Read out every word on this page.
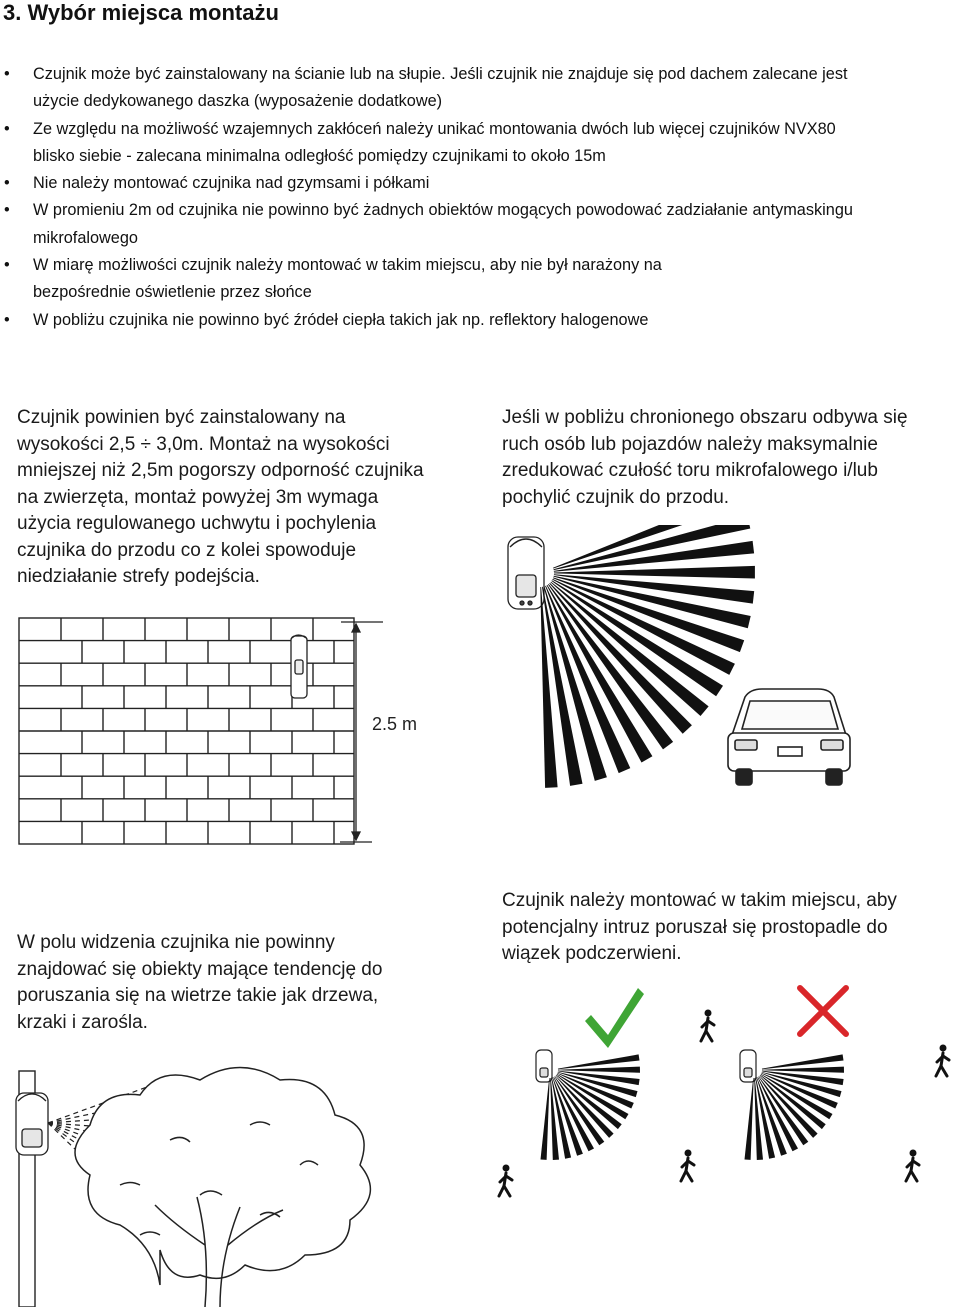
3. Wybór miejsca montażu
• Czujnik może być zainstalowany na ścianie lub na słupie. Jeśli czujnik nie znajduje się pod dachem zalecane jest
użycie dedykowanego daszka (wyposażenie dodatkowe)
• Ze względu na możliwość wzajemnych zakłóceń należy unikać montowania dwóch lub więcej czujników NVX80
blisko siebie - zalecana minimalna odległość pomiędzy czujnikami to około 15m
• Nie należy montować czujnika nad gzymsami i półkami
• W promieniu 2m od czujnika nie powinno być żadnych obiektów mogących powodować zadziałanie antymaskingu
mikrofalowego
• W miarę możliwości czujnik należy montować w takim miejscu, aby nie był narażony na
bezpośrednie oświetlenie przez słońce
• W pobliżu czujnika nie powinno być źródeł ciepła takich jak np. reflektory halogenowe
Czujnik powinien być zainstalowany na
wysokości 2,5 ÷ 3,0m. Montaż na wysokości
mniejszej niż 2,5m pogorszy odporność czujnika
na zwierzęta, montaż powyżej 3m wymaga
użycia regulowanego uchwytu i pochylenia
czujnika do przodu co z kolei spowoduje
niedziałanie strefy podejścia.
Jeśli w pobliżu chronionego obszaru odbywa się
ruch osób lub pojazdów należy maksymalnie
zredukować czułość toru mikrofalowego i/lub
pochylić czujnik do przodu.
W polu widzenia czujnika nie powinny
znajdować się obiekty mające tendencję do
poruszania się na wietrze takie jak drzewa,
krzaki i zarośla.
Czujnik należy montować w takim miejscu, aby
potencjalny intruz poruszał się prostopadle do
wiązek podczerwieni.
2.5 m
